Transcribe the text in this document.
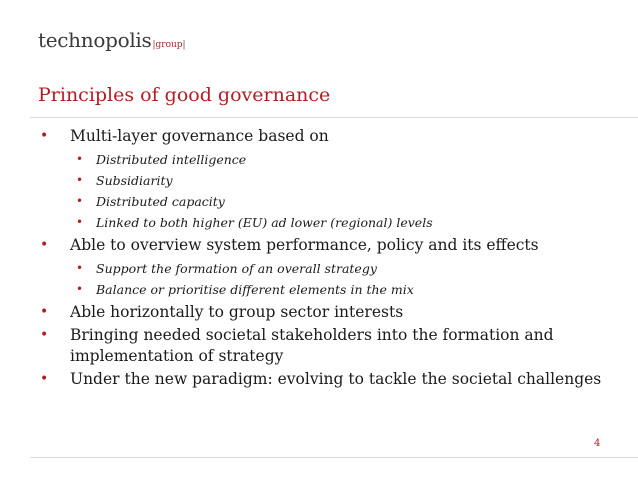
technopolis|group|
Principles of good governance
• Multi-layer governance based on
• Distributed intelligence
• Subsidiarity
• Distributed capacity
• Linked to both higher (EU) ad lower (regional) levels
• Able to overview system performance, policy and its effects
• Support the formation of an overall strategy
• Balance or prioritise different elements in the mix
• Able horizontally to group sector interests
• Bringing needed societal stakeholders into the formation and implementation of strategy
• Under the new paradigm: evolving to tackle the societal challenges
4
